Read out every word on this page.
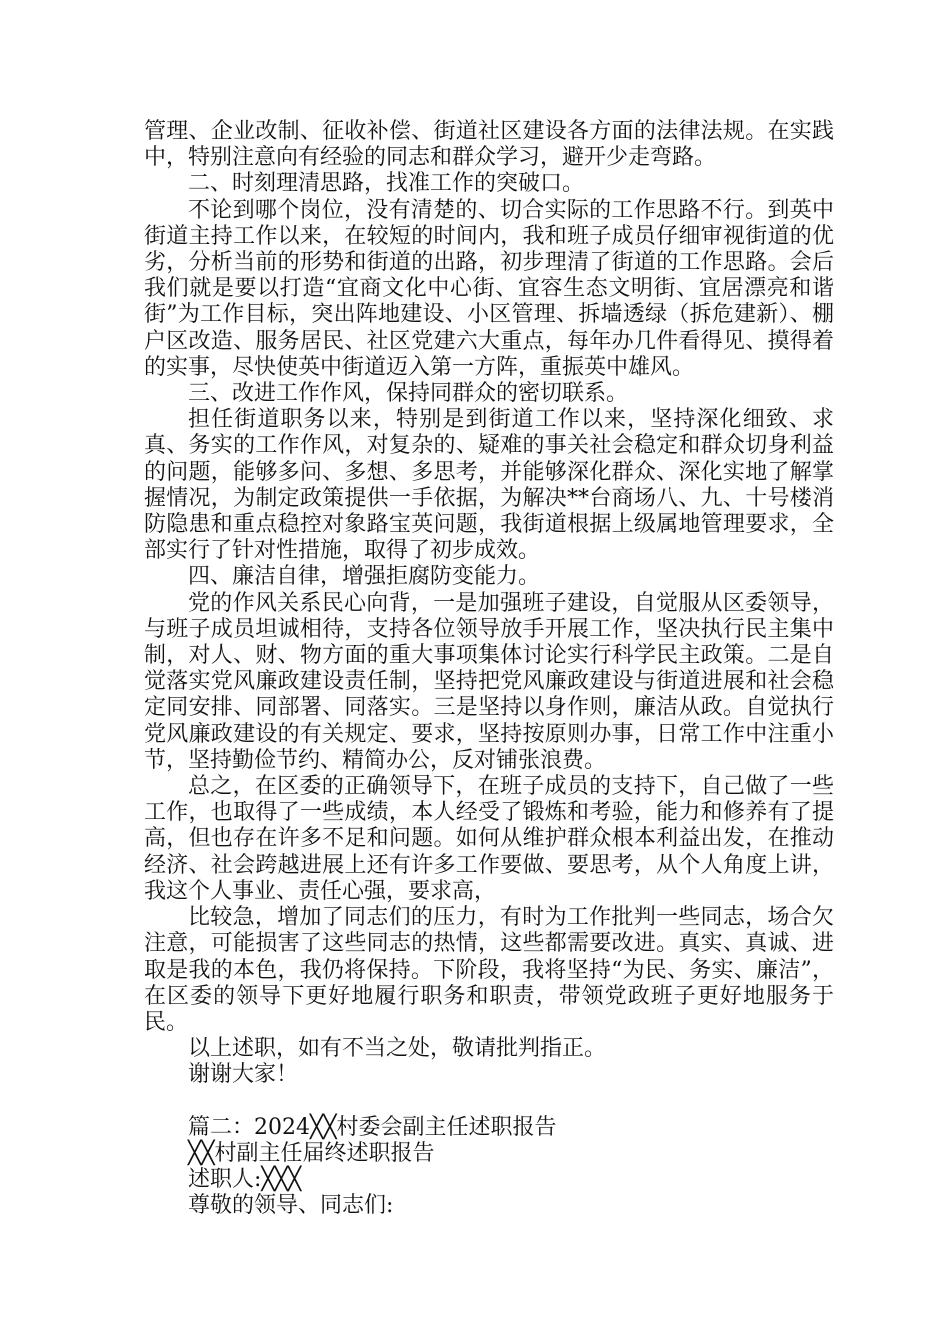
管理、企业改制、征收补偿、街道社区建设各方面的法律法规。在实践中，特别注意向有经验的同志和群众学习，避开少走弯路。

二、时刻理清思路，找准工作的突破口。

不论到哪个岗位，没有清楚的、切合实际的工作思路不行。到英中街道主持工作以来，在较短的时间内，我和班子成员仔细审视街道的优劣，分析当前的形势和街道的出路，初步理清了街道的工作思路。会后我们就是要以打造“宜商文化中心街、宜容生态文明街、宜居漂亮和谐街”为工作目标，突出阵地建设、小区管理、拆墙透绿（拆危建新）、棚户区改造、服务居民、社区党建六大重点，每年办几件看得见、摸得着的实事，尽快使英中街道迈入第一方阵，重振英中雄风。

三、改进工作作风，保持同群众的密切联系。

担任街道职务以来，特别是到街道工作以来，坚持深化细致、求真、务实的工作作风，对复杂的、疑难的事关社会稳定和群众切身利益的问题，能够多问、多想、多思考，并能够深化群众、深化实地了解掌握情况，为制定政策提供一手依据，为解决**台商场八、九、十号楼消防隐患和重点稳控对象路宝英问题，我街道根据上级属地管理要求，全部实行了针对性措施，取得了初步成效。

四、廉洁自律，增强拒腐防变能力。

党的作风关系民心向背，一是加强班子建设，自觉服从区委领导，与班子成员坦诚相待，支持各位领导放手开展工作，坚决执行民主集中制，对人、财、物方面的重大事项集体讨论实行科学民主政策。二是自觉落实党风廉政建设责任制，坚持把党风廉政建设与街道进展和社会稳定同安排、同部署、同落实。三是坚持以身作则，廉洁从政。自觉执行党风廉政建设的有关规定、要求，坚持按原则办事，日常工作中注重小节，坚持勤俭节约、精简办公，反对铺张浪费。

总之，在区委的正确领导下，在班子成员的支持下，自己做了一些工作，也取得了一些成绩，本人经受了锻炼和考验，能力和修养有了提高，但也存在许多不足和问题。如何从维护群众根本利益出发，在推动经济、社会跨越进展上还有许多工作要做、要思考，从个人角度上讲，我这个人事业、责任心强，要求高，

比较急，增加了同志们的压力，有时为工作批判一些同志，场合欠注意，可能损害了这些同志的热情，这些都需要改进。真实、真诚、进取是我的本色，我仍将保持。下阶段，我将坚持“为民、务实、廉洁”，在区委的领导下更好地履行职务和职责，带领党政班子更好地服务于民。

以上述职，如有不当之处，敬请批判指正。

谢谢大家！

篇二：2024╳╳村委会副主任述职报告

╳╳村副主任届终述职报告

述职人:╳╳╳

尊敬的领导、同志们:
